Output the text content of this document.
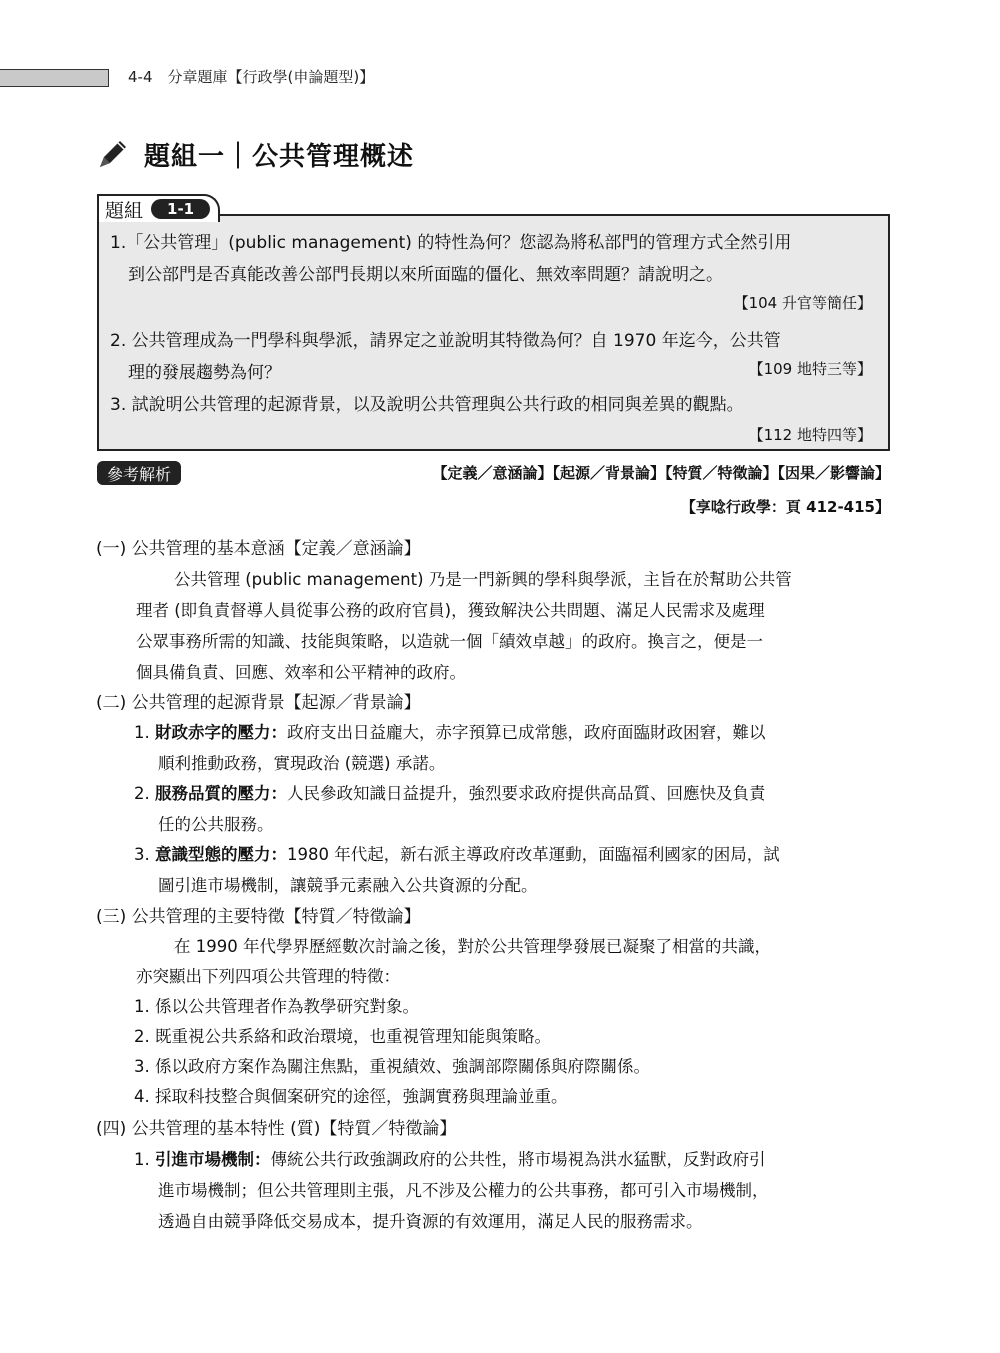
4-4　分章題庫【行政學(申論題型)】
題組一｜公共管理概述
題組	1-1
1.「公共管理」(public management) 的特性為何？您認為將私部門的管理方式全然引用
到公部門是否真能改善公部門長期以來所面臨的僵化、無效率問題？請說明之。
【104 升官等簡任】
2. 公共管理成為一門學科與學派，請界定之並說明其特徵為何？自 1970 年迄今，公共管
理的發展趨勢為何？	【109 地特三等】
3. 試說明公共管理的起源背景，以及說明公共管理與公共行政的相同與差異的觀點。
【112 地特四等】
參考解析	【定義／意涵論】【起源／背景論】【特質／特徵論】【因果／影響論】
【享唸行政學：頁 412-415】
(一) 公共管理的基本意涵【定義／意涵論】
公共管理 (public management) 乃是一門新興的學科與學派，主旨在於幫助公共管
理者 (即負責督導人員從事公務的政府官員)，獲致解決公共問題、滿足人民需求及處理
公眾事務所需的知識、技能與策略，以造就一個「績效卓越」的政府。換言之，便是一
個具備負責、回應、效率和公平精神的政府。
(二) 公共管理的起源背景【起源／背景論】
1. 財政赤字的壓力：政府支出日益龐大，赤字預算已成常態，政府面臨財政困窘，難以
順利推動政務，實現政治 (競選) 承諾。
2. 服務品質的壓力：人民參政知識日益提升，強烈要求政府提供高品質、回應快及負責
任的公共服務。
3. 意識型態的壓力：1980 年代起，新右派主導政府改革運動，面臨福利國家的困局，試
圖引進市場機制，讓競爭元素融入公共資源的分配。
(三) 公共管理的主要特徵【特質／特徵論】
在 1990 年代學界歷經數次討論之後，對於公共管理學發展已凝聚了相當的共識，
亦突顯出下列四項公共管理的特徵：
1. 係以公共管理者作為教學研究對象。
2. 既重視公共系絡和政治環境，也重視管理知能與策略。
3. 係以政府方案作為關注焦點，重視績效、強調部際關係與府際關係。
4. 採取科技整合與個案研究的途徑，強調實務與理論並重。
(四) 公共管理的基本特性 (質)【特質／特徵論】
1. 引進市場機制：傳統公共行政強調政府的公共性，將市場視為洪水猛獸，反對政府引
進市場機制；但公共管理則主張，凡不涉及公權力的公共事務，都可引入市場機制，
透過自由競爭降低交易成本，提升資源的有效運用，滿足人民的服務需求。
